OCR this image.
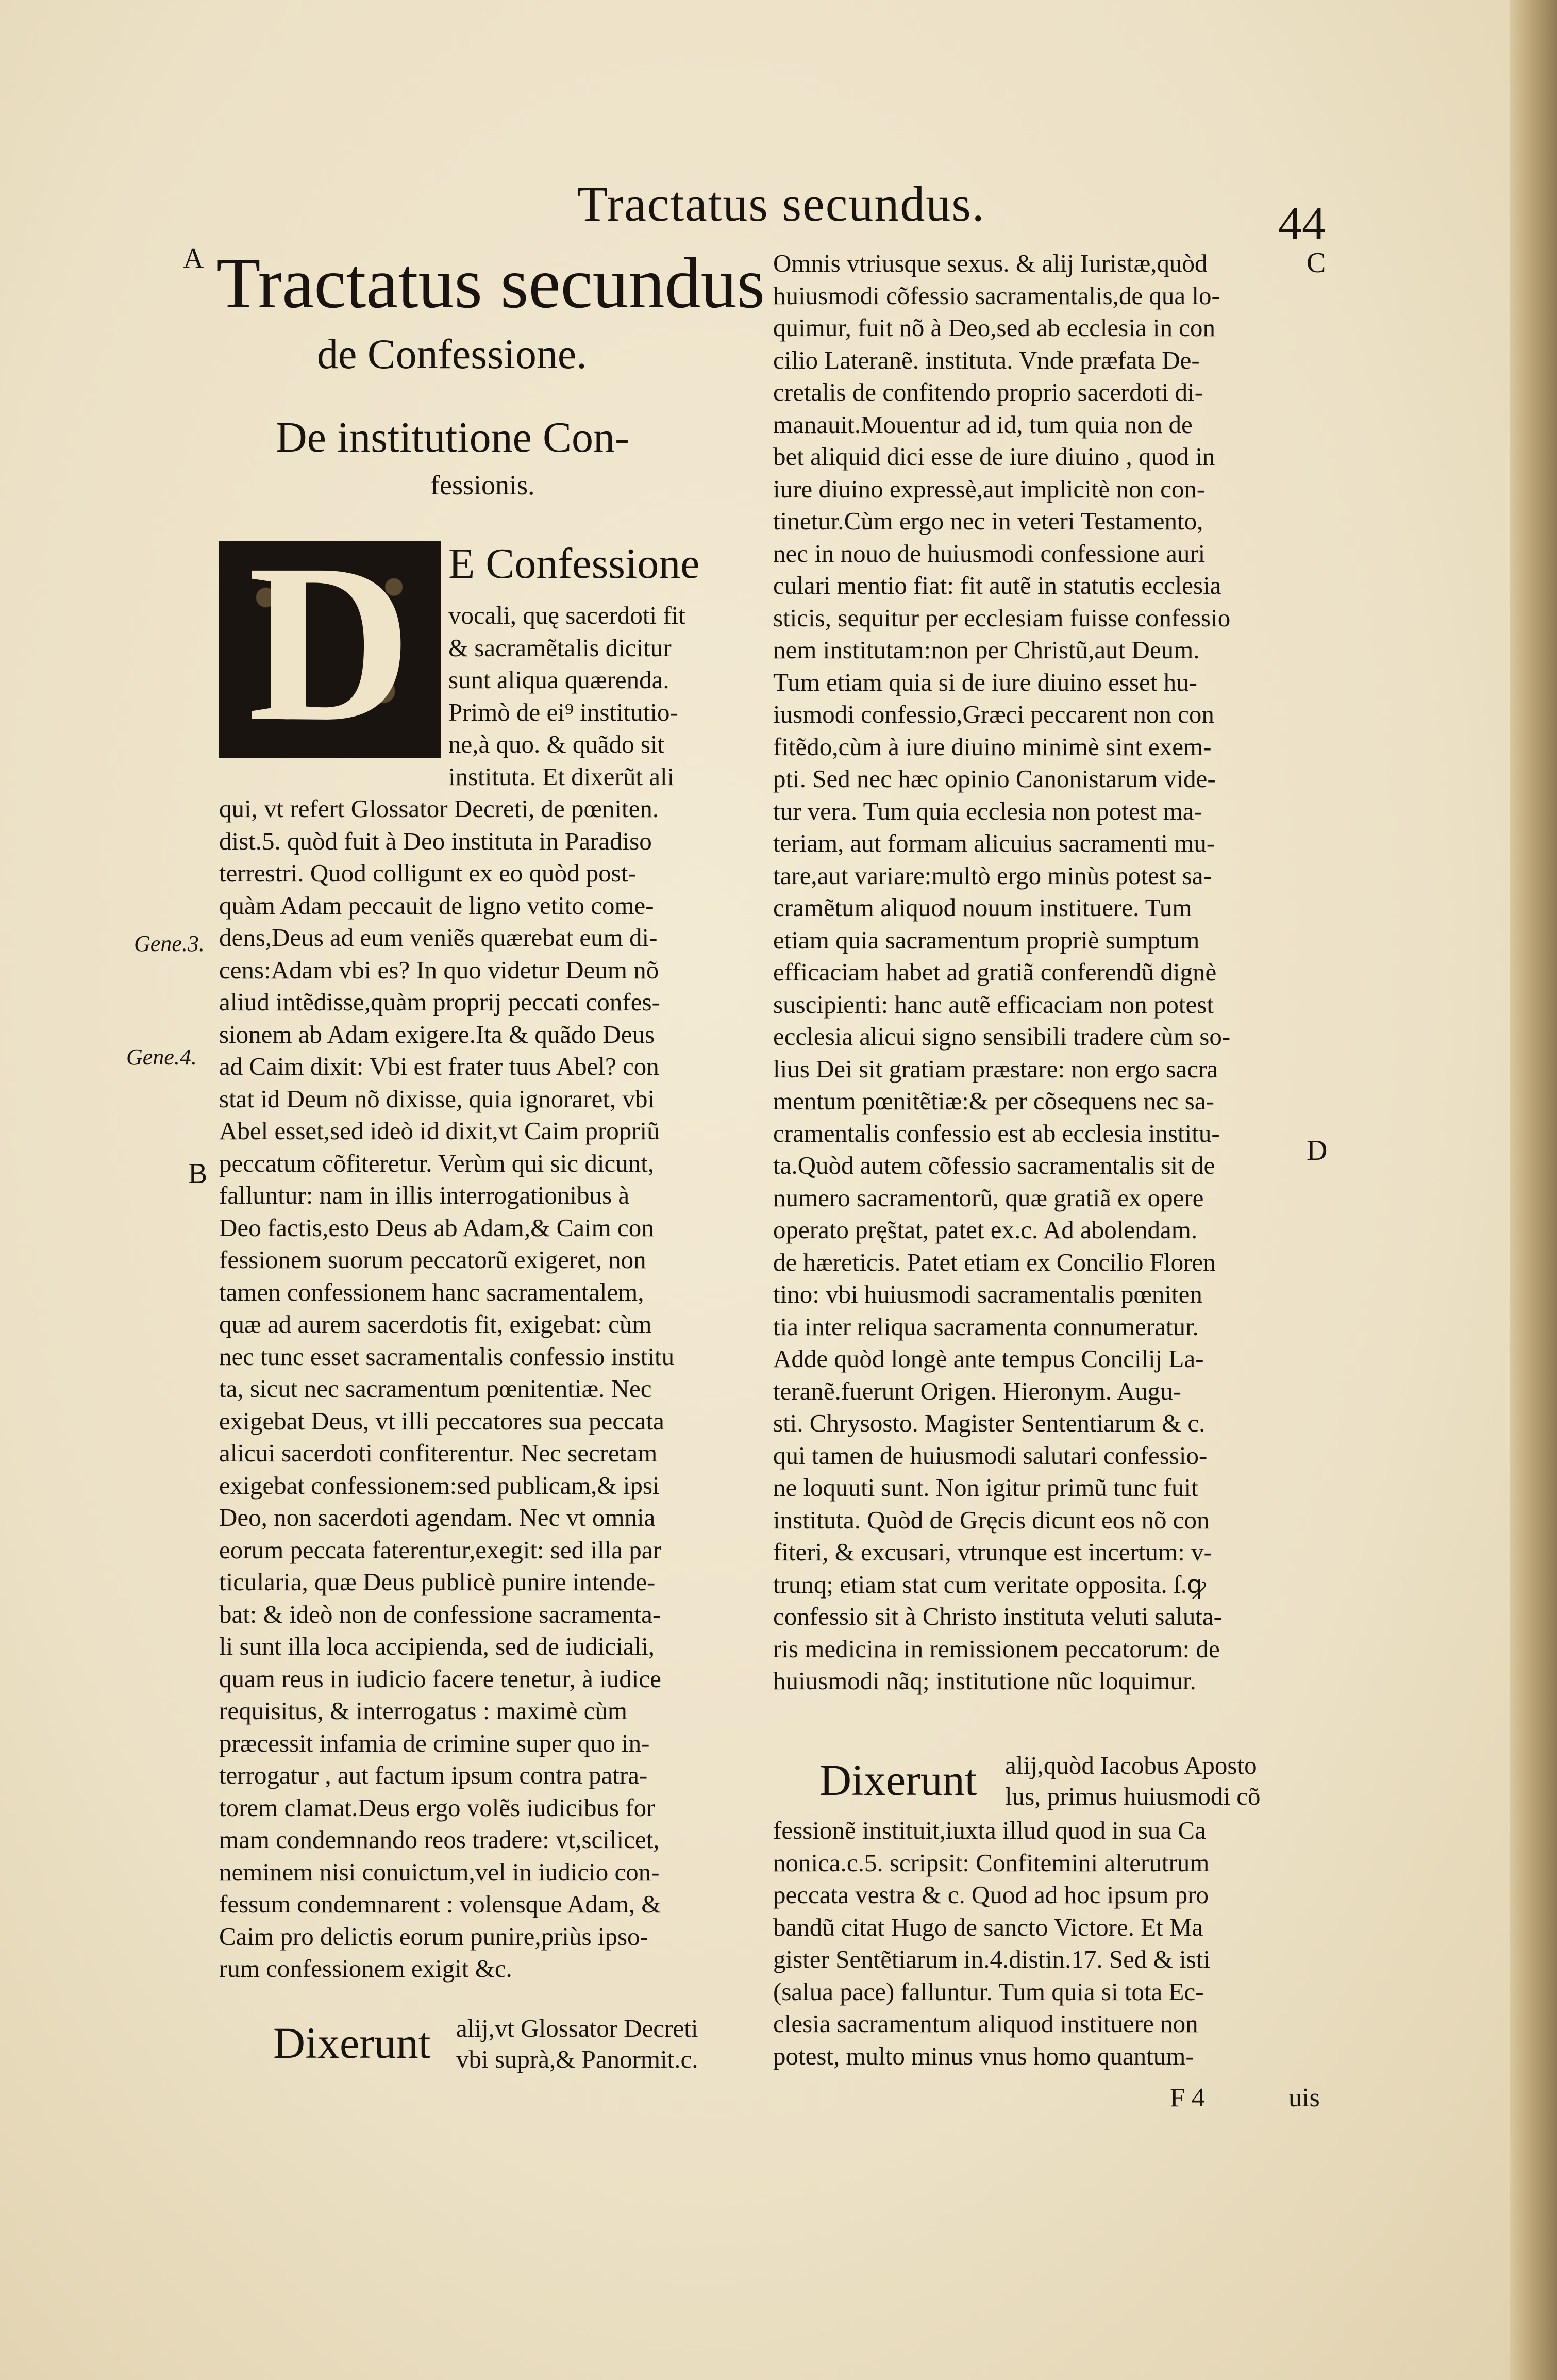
Tractatus secundus.	44
A Tractatus secundus
de Confessione.
De institutione Con-
fessionis.
D E Confessione
vocali, quę sacerdoti fit
& sacramẽtalis dicitur
sunt aliqua quærenda.
Primò de ei⁹ institutio-
ne,à quo. & quãdo sit
instituta. Et dixerũt ali
qui, vt refert Glossator Decreti, de pœniten.
dist.5. quòd fuit à Deo instituta in Paradiso
terrestri. Quod colligunt ex eo quòd post-
quàm Adam peccauit de ligno vetito come-
dens,Deus ad eum veniẽs quærebat eum di-
cens:Adam vbi es? In quo videtur Deum nõ
aliud intẽdisse,quàm proprij peccati confes-
sionem ab Adam exigere.Ita & quãdo Deus
ad Caim dixit: Vbi est frater tuus Abel? con
stat id Deum nõ dixisse, quia ignoraret, vbi
Abel esset,sed ideò id dixit,vt Caim propriũ
peccatum cõfiteretur. Verùm qui sic dicunt,
falluntur: nam in illis interrogationibus à
Deo factis,esto Deus ab Adam,& Caim con
fessionem suorum peccatorũ exigeret, non
tamen confessionem hanc sacramentalem,
quæ ad aurem sacerdotis fit, exigebat: cùm
nec tunc esset sacramentalis confessio institu
ta, sicut nec sacramentum pœnitentiæ. Nec
exigebat Deus, vt illi peccatores sua peccata
alicui sacerdoti confiterentur. Nec secretam
exigebat confessionem:sed publicam,& ipsi
Deo, non sacerdoti agendam. Nec vt omnia
eorum peccata faterentur,exegit: sed illa par
ticularia, quæ Deus publicè punire intende-
bat: & ideò non de confessione sacramenta-
li sunt illa loca accipienda, sed de iudiciali,
quam reus in iudicio facere tenetur, à iudice
requisitus, & interrogatus : maximè cùm
præcessit infamia de crimine super quo in-
terrogatur , aut factum ipsum contra patra-
torem clamat.Deus ergo volẽs iudicibus for
mam condemnando reos tradere: vt,scilicet,
neminem nisi conuictum,vel in iudicio con-
fessum condemnarent : volensque Adam, &
Caim pro delictis eorum punire,priùs ipso-
rum confessionem exigit &c.
Dixerunt alij,vt Glossator Decreti
vbi suprà,& Panormit.c.
Omnis vtriusque sexus. & alij Iuristæ,quòd
huiusmodi cõfessio sacramentalis,de qua lo-
quimur, fuit nõ à Deo,sed ab ecclesia in con
cilio Lateranẽ. instituta. Vnde præfata De-
cretalis de confitendo proprio sacerdoti di-
manauit.Mouentur ad id, tum quia non de
bet aliquid dici esse de iure diuino , quod in
iure diuino expressè,aut implicitè non con-
tinetur.Cùm ergo nec in veteri Testamento,
nec in nouo de huiusmodi confessione auri
culari mentio fiat: fit autẽ in statutis ecclesia
sticis, sequitur per ecclesiam fuisse confessio
nem institutam:non per Christũ,aut Deum.
Tum etiam quia si de iure diuino esset hu-
iusmodi confessio,Græci peccarent non con
fitẽdo,cùm à iure diuino minimè sint exem-
pti. Sed nec hæc opinio Canonistarum vide-
tur vera. Tum quia ecclesia non potest ma-
teriam, aut formam alicuius sacramenti mu-
tare,aut variare:multò ergo minùs potest sa-
cramẽtum aliquod nouum instituere. Tum
etiam quia sacramentum propriè sumptum
efficaciam habet ad gratiã conferendũ dignè
suscipienti: hanc autẽ efficaciam non potest
ecclesia alicui signo sensibili tradere cùm so-
lius Dei sit gratiam præstare: non ergo sacra
mentum pœnitẽtiæ:& per cõsequens nec sa-
cramentalis confessio est ab ecclesia institu-
ta.Quòd autem cõfessio sacramentalis sit de
numero sacramentorũ, quæ gratiã ex opere
operato prę̃stat, patet ex.c. Ad abolendam.
de hæreticis. Patet etiam ex Concilio Floren
tino: vbi huiusmodi sacramentalis pœniten
tia inter reliqua sacramenta connumeratur.
Adde quòd longè ante tempus Concilij La-
teranẽ.fuerunt Origen. Hieronym. Augu-
sti. Chrysosto. Magister Sententiarum & c.
qui tamen de huiusmodi salutari confessio-
ne loquuti sunt. Non igitur primũ tunc fuit
instituta. Quòd de Gręcis dicunt eos nõ con
fiteri, & excusari, vtrunque est incertum: v-
trunq; etiam stat cum veritate opposita. ſ.ꝙ
confessio sit à Christo instituta veluti saluta-
ris medicina in remissionem peccatorum: de
huiusmodi nãq; institutione nũc loquimur.
Dixerunt alij,quòd Iacobus Aposto
lus, primus huiusmodi cõ
fessionẽ instituit,iuxta illud quod in sua Ca
nonica.c.5. scripsit: Confitemini alterutrum
peccata vestra & c. Quod ad hoc ipsum pro
bandũ citat Hugo de sancto Victore. Et Ma
gister Sentẽtiarum in.4.distin.17. Sed & isti
(salua pace) falluntur. Tum quia si tota Ec-
clesia sacramentum aliquod instituere non
potest, multo minus vnus homo quantum-
Gene.3.
Gene.4.
B
C
D
F 4	uis
